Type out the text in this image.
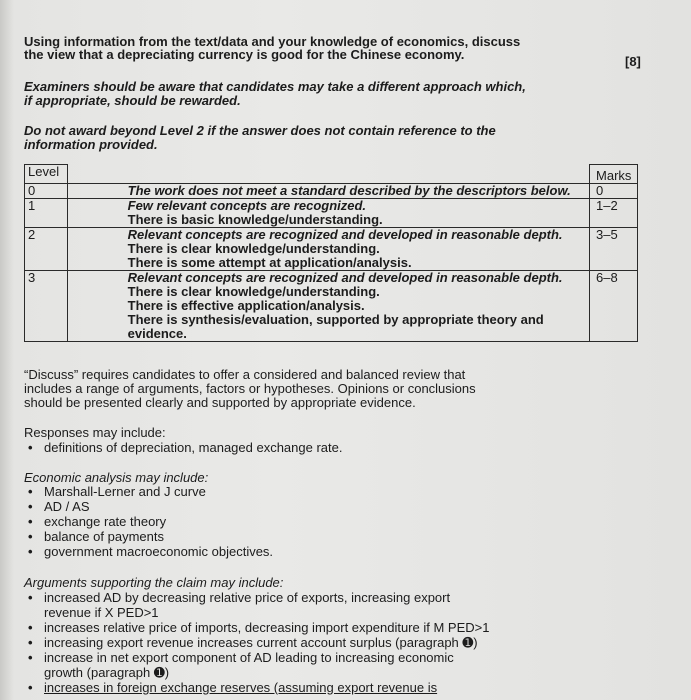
Using information from the text/data and your knowledge of economics, discuss

the view that a depreciating currency is good for the Chinese economy.	[8]

Examiners should be aware that candidates may take a different approach which,

if appropriate, should be rewarded.

Do not award beyond Level 2 if the answer does not contain reference to the

information provided.

Level		Marks
0	The work does not meet a standard described by the descriptors below.	0
1	Few relevant concepts are recognized.
There is basic knowledge/understanding.	1–2
2	Relevant concepts are recognized and developed in reasonable depth.
There is clear knowledge/understanding.
There is some attempt at application/analysis.	3–5
3	Relevant concepts are recognized and developed in reasonable depth.
There is clear knowledge/understanding.
There is effective application/analysis.
There is synthesis/evaluation, supported by appropriate theory and
evidence.	6–8

“Discuss” requires candidates to offer a considered and balanced review that

includes a range of arguments, factors or hypotheses. Opinions or conclusions

should be presented clearly and supported by appropriate evidence.

Responses may include:
• definitions of depreciation, managed exchange rate.
Economic analysis may include:
• Marshall-Lerner and J curve
• AD / AS
• exchange rate theory
• balance of payments
• government macroeconomic objectives.
Arguments supporting the claim may include:
• increased AD by decreasing relative price of exports, increasing export
revenue if X PED>1
• increases relative price of imports, decreasing import expenditure if M PED>1
• increasing export revenue increases current account surplus (paragraph ➊)
• increase in net export component of AD leading to increasing economic
growth (paragraph ➊)
• increases in foreign exchange reserves (assuming export revenue is
